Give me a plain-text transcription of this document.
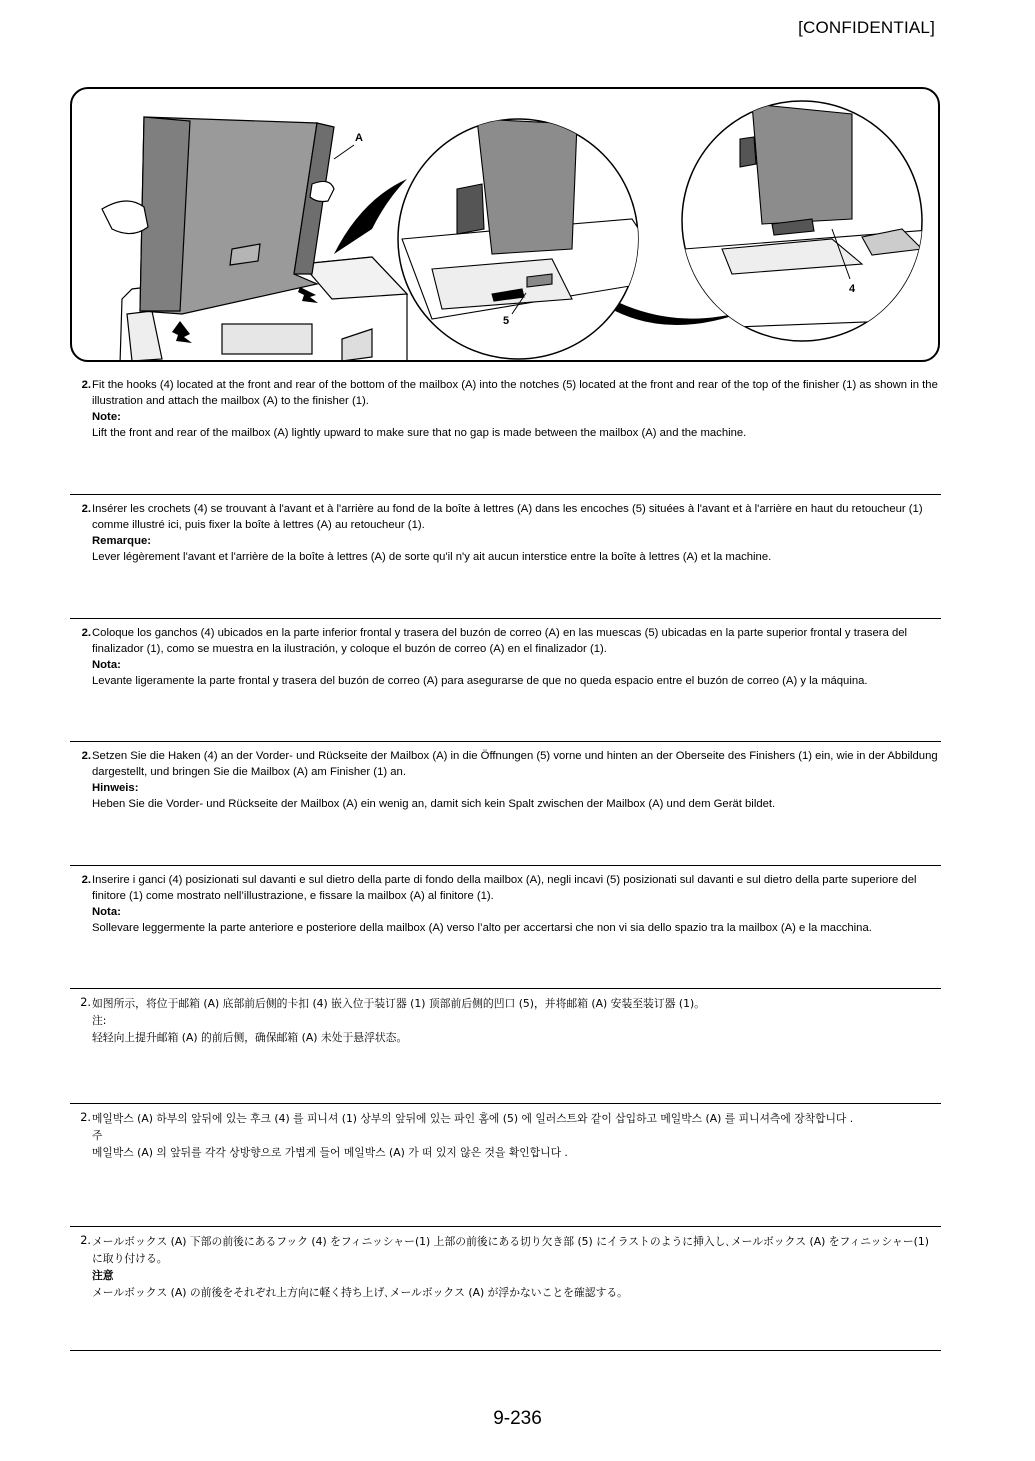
[CONFIDENTIAL]
A
5
4
2. Fit the hooks (4) located at the front and rear of the bottom of the mailbox (A) into the notches (5) located at the front and rear of the top of the finisher (1) as shown in the illustration and attach the mailbox (A) to the finisher (1).
Note:
Lift the front and rear of the mailbox (A) lightly upward to make sure that no gap is made between the mailbox (A) and the machine.
2. Insérer les crochets (4) se trouvant à l'avant et à l'arrière au fond de la boîte à lettres (A) dans les encoches (5) situées à l'avant et à l'arrière en haut du retoucheur (1) comme illustré ici, puis fixer la boîte à lettres (A) au retoucheur (1).
Remarque:
Lever légèrement l'avant et l'arrière de la boîte à lettres (A) de sorte qu'il n'y ait aucun interstice entre la boîte à lettres (A) et la machine.
2. Coloque los ganchos (4) ubicados en la parte inferior frontal y trasera del buzón de correo (A) en las muescas (5) ubicadas en la parte superior frontal y trasera del finalizador (1), como se muestra en la ilustración, y coloque el buzón de correo (A) en el finalizador (1).
Nota:
Levante ligeramente la parte frontal y trasera del buzón de correo (A) para asegurarse de que no queda espacio entre el buzón de correo (A) y la máquina.
2. Setzen Sie die Haken (4) an der Vorder- und Rückseite der Mailbox (A) in die Öffnungen (5) vorne und hinten an der Oberseite des Finishers (1) ein, wie in der Abbildung dargestellt, und bringen Sie die Mailbox (A) am Finisher (1) an.
Hinweis:
Heben Sie die Vorder- und Rückseite der Mailbox (A) ein wenig an, damit sich kein Spalt zwischen der Mailbox (A) und dem Gerät bildet.
2. Inserire i ganci (4) posizionati sul davanti e sul dietro della parte di fondo della mailbox (A), negli incavi (5) posizionati sul davanti e sul dietro della parte superiore del finitore (1) come mostrato nell’illustrazione, e fissare la mailbox (A) al finitore (1).
Nota:
Sollevare leggermente la parte anteriore e posteriore della mailbox (A) verso l’alto per accertarsi che non vi sia dello spazio tra la mailbox (A) e la macchina.
2. 如图所示，将位于邮箱 (A) 底部前后侧的卡扣 (4) 嵌入位于装订器 (1) 顶部前后侧的凹口 (5)，并将邮箱 (A) 安装至装订器 (1)。
注:
轻轻向上提升邮箱 (A) 的前后侧，确保邮箱 (A) 未处于悬浮状态。
2. 메일박스 (A) 하부의 앞뒤에 있는 후크 (4) 를 피니셔 (1) 상부의 앞뒤에 있는 파인 홈에 (5) 에 일러스트와 같이 삽입하고 메일박스 (A) 를 피니셔측에 장착합니다 .
주
메일박스 (A) 의 앞뒤를 각각 상방향으로 가볍게 들어 메일박스 (A) 가 떠 있지 않은 것을 확인합니다 .
2. メールボックス (A) 下部の前後にあるフック (4) をフィニッシャー(1) 上部の前後にある切り欠き部 (5) にイラストのように挿入し､メールボックス (A) をフィニッシャー(1) に取り付ける。
注意
メールボックス (A) の前後をそれぞれ上方向に軽く持ち上げ､メールボックス (A) が浮かないことを確認する。
9-236
